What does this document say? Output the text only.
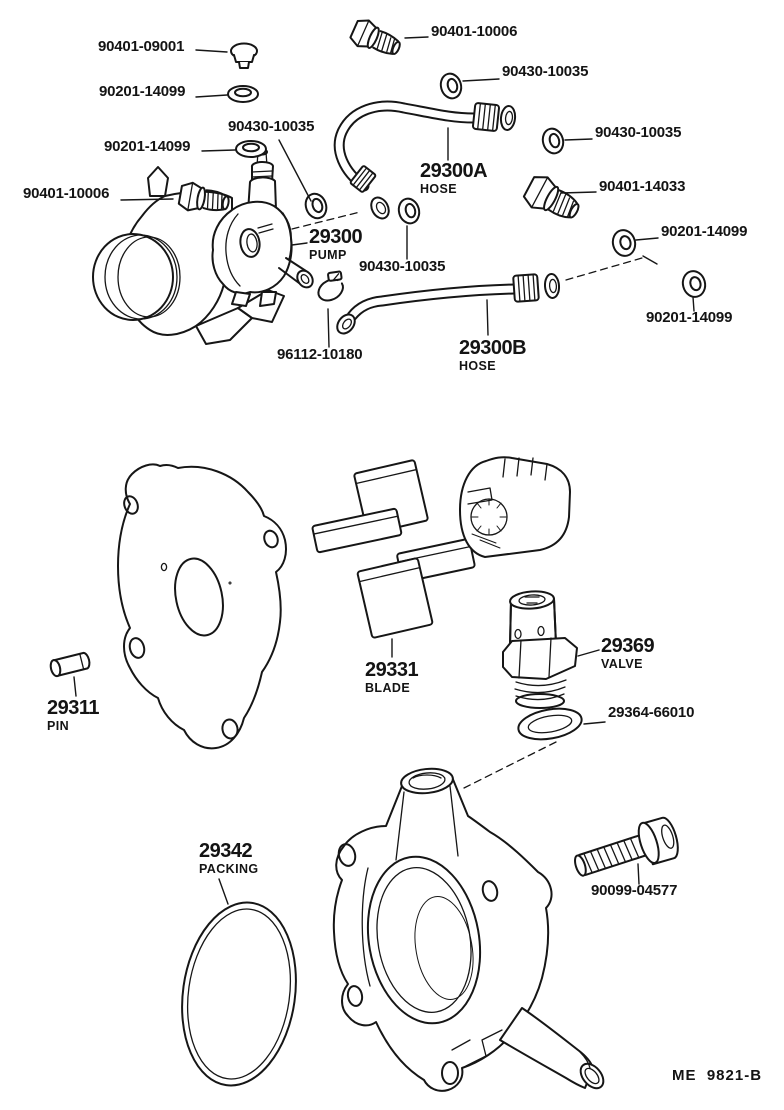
90401-09001
90201-14099
90430-10035
90201-14099
90401-10006
90430-10035
29300A
HOSE
90430-10035
90401-14033
90401-10006
29300
PUMP
90201-14099
90430-10035
90201-14099
29300B
HOSE
96112-10180
29311
PIN
29331
BLADE
29369
VALVE
29364-66010
29342
PACKING
90099-04577
ME  9821-B
